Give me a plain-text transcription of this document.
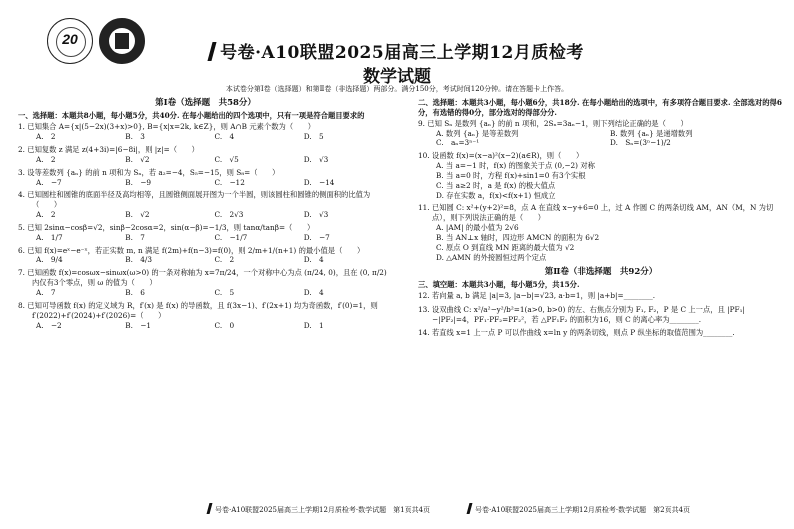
20
号卷·A10联盟2025届高三上学期12月质检考
数学试题
本试卷分第Ⅰ卷（选择题）和第Ⅱ卷（非选择题）两部分。满分150分，考试时间120分钟。请在答题卡上作答。
第Ⅰ卷（选择题　共58分）
一、选择题：本题共8小题，每小题5分，共40分. 在每小题给出的四个选项中，只有一项是符合题目要求的
1. 已知集合 A={x|(5−2x)(3+x)>0}, B={x|x=2k, k∈Z}，则 A∩B 元素个数为（　　）
A.　2	B.　3	C.　4	D.　5
2. 已知复数 z 满足 z(4+3i)=|6−8i|，则 |z|=（　　）
A.　2	B.　√2	C.　√5	D.　√3
3. 设等差数列 {aₙ} 的前 n 项和为 Sₙ，若 a₂=−4，S₅=−15，则 S₈=（　　）
A.　−7	B.　−9	C.　−12	D.　−14
4. 已知圆柱和圆锥的底面半径及高均相等，且圆锥侧面展开图为一个半圆，则该圆柱和圆锥的侧面积的比值为（　　）
A.　2	B.　√2	C.　2√3	D.　√3
5. 已知 2sinα−cosβ=√2，sinβ−2cosα=2，sin(α−β)=−1/3，则 tanα/tanβ=（　　）
A.　1/7	B.　7	C.　−1/7	D.　−7
6. 已知 f(x)=eˣ−e⁻ˣ，若正实数 m, n 满足 f(2m)+f(n−3)=f(0)，则 2/m+1/(n+1) 的最小值是（　　）
A.　9/4	B.　4/3	C.　2	D.　4
7. 已知函数 f(x)=cosωx−sinωx(ω>0) 的一条对称轴为 x=7π/24，一个对称中心为点 (π/24, 0)，且在 (0, π/2) 内仅有3个零点，则 ω 的值为（　　）
A.　7	B.　6	C.　5	D.　4
8. 已知可导函数 f(x) 的定义域为 R，f′(x) 是 f(x) 的导函数，且 f(3x−1)、f′(2x+1) 均为奇函数，f′(0)=1，则 f′(2022)+f′(2024)+f′(2026)=（　　）
A.　−2	B.　−1	C.　0	D.　1
二、选择题：本题共3小题，每小题6分，共18分. 在每小题给出的选项中，有多项符合题目要求. 全部选对的得6分，有选错的得0分，部分选对的得部分分.
9. 已知 Sₙ 是数列 {aₙ} 的前 n 项和，2Sₙ=3aₙ−1，则下列结论正确的是（　　）
A. 数列 {aₙ} 是等差数列	B. 数列 {aₙ} 是递增数列
C.　aₙ=3ⁿ⁻¹	D.　Sₙ=(3ⁿ−1)/2
10. 设函数 f(x)=(x−a)²(x−2)(a∈R)，则（　　）
A. 当 a=−1 时，f(x) 的图象关于点 (0,−2) 对称
B. 当 a=0 时，方程 f(x)+sin1=0 有3个实根
C. 当 a≥2 时，a 是 f(x) 的极大值点
D. 存在实数 a，f(x)<f(x+1) 恒成立
11. 已知圆 C: x²+(y+2)²=8，点 A 在直线 x−y+6=0 上，过 A 作圆 C 的两条切线 AM，AN（M，N 为切点），则下列说法正确的是（　　）
A. |AM| 的最小值为 2√6
B. 当 AN⊥x 轴时，四边形 AMCN 的面积为 6√2
C. 原点 O 到直线 MN 距离的最大值为 √2
D. △AMN 的外接圆恒过两个定点
第Ⅱ卷（非选择题　共92分）
三、填空题：本题共3小题，每小题5分，共15分.
12. 若向量 a, b 满足 |a|=3, |a−b|=√23, a·b=1，则 |a+b|=________.
13. 设双曲线 C: x²/a²−y²/b²=1(a>0, b>0) 的左、右焦点分别为 F₁, F₂，P 是 C 上一点，且 |PF₁|−|PF₂|=4，PF₁·PF₂=PF₂²，若 △PF₁F₂ 的面积为16，则 C 的离心率为________.
14. 若直线 x=1 上一点 P 可以作曲线 x=ln y 的两条切线，则点 P 纵坐标的取值范围为________.
号卷·A10联盟2025届高三上学期12月质检考·数学试题　第1页共4页	号卷·A10联盟2025届高三上学期12月质检考·数学试题　第2页共4页
